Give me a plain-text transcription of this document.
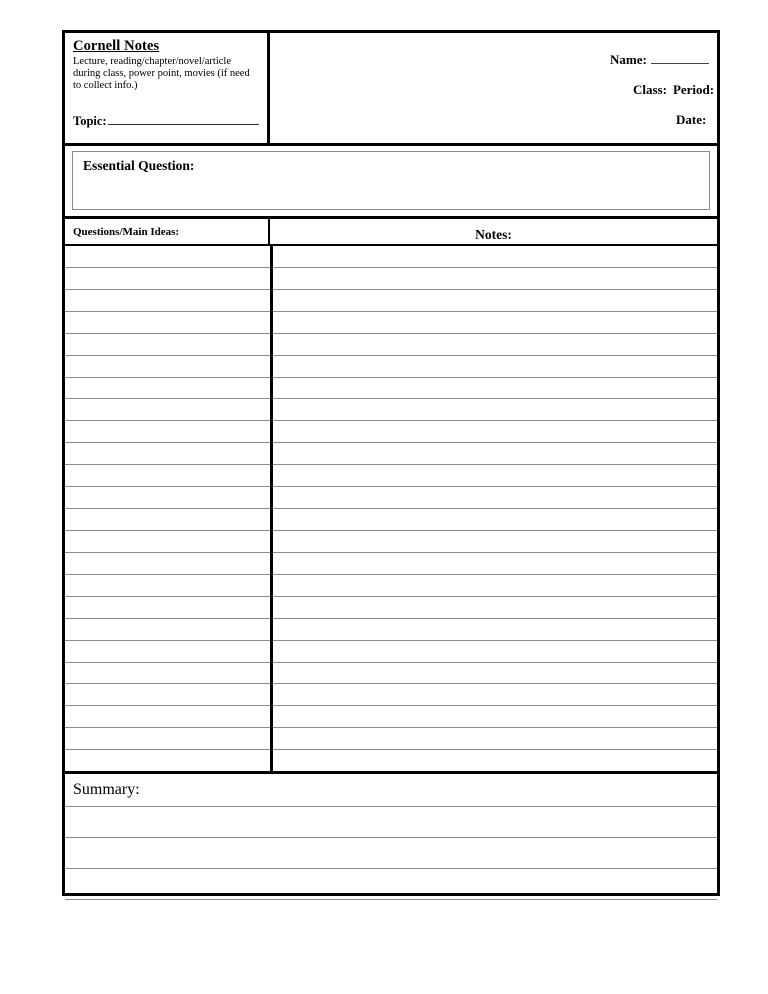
Cornell Notes
Lecture, reading/chapter/novel/article during class, power point, movies (if need to collect info.)
Topic:
Name:
Class: Period:
Date:
Essential Question:
Questions/Main Ideas:	Notes:
Summary:
